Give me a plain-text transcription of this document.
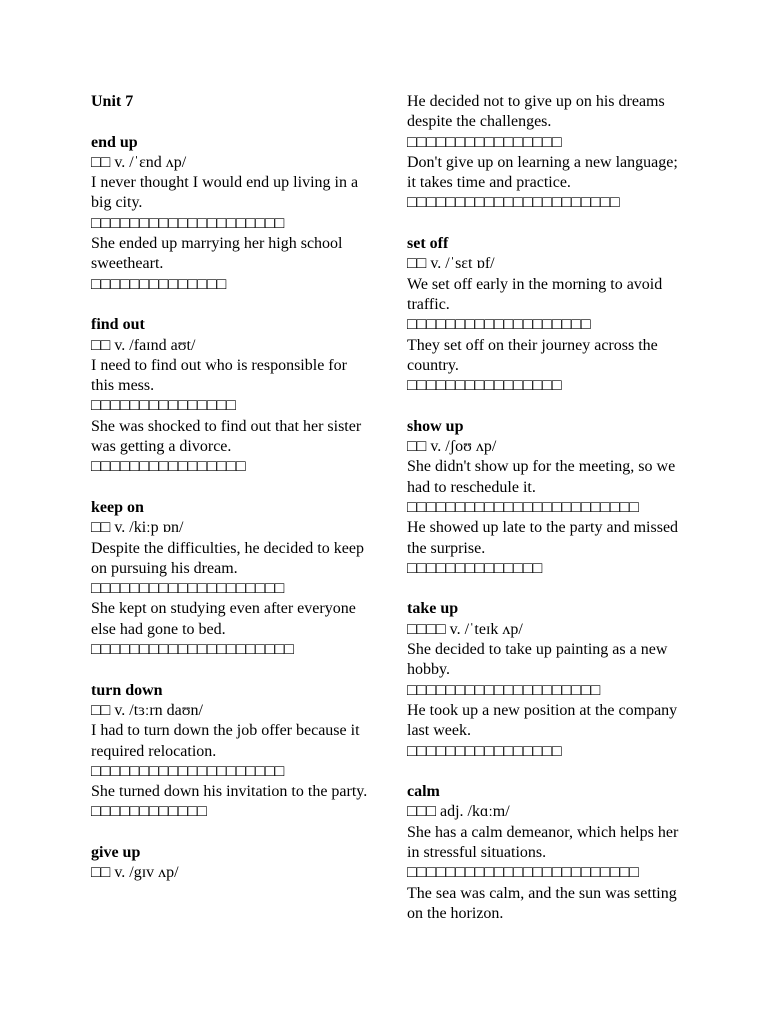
Unit 7
end up
□□ v. /ˈɛnd ʌp/
I never thought I would end up living in a big city.
□□□□□□□□□□□□□□□□□□□□
She ended up marrying her high school sweetheart.
□□□□□□□□□□□□□□
find out
□□ v. /faɪnd aʊt/
I need to find out who is responsible for this mess.
□□□□□□□□□□□□□□□
She was shocked to find out that her sister was getting a divorce.
□□□□□□□□□□□□□□□□
keep on
□□ v. /kiːp ɒn/
Despite the difficulties, he decided to keep on pursuing his dream.
□□□□□□□□□□□□□□□□□□□□
She kept on studying even after everyone else had gone to bed.
□□□□□□□□□□□□□□□□□□□□□
turn down
□□ v. /tɜːrn daʊn/
I had to turn down the job offer because it required relocation.
□□□□□□□□□□□□□□□□□□□□
She turned down his invitation to the party.
□□□□□□□□□□□□
give up
□□ v. /gɪv ʌp/
He decided not to give up on his dreams despite the challenges.
□□□□□□□□□□□□□□□□
Don't give up on learning a new language; it takes time and practice.
□□□□□□□□□□□□□□□□□□□□□□
set off
□□ v. /ˈsɛt ɒf/
We set off early in the morning to avoid traffic.
□□□□□□□□□□□□□□□□□□□
They set off on their journey across the country.
□□□□□□□□□□□□□□□□
show up
□□ v. /ʃoʊ ʌp/
She didn't show up for the meeting, so we had to reschedule it.
□□□□□□□□□□□□□□□□□□□□□□□□
He showed up late to the party and missed the surprise.
□□□□□□□□□□□□□□
take up
□□□□ v. /ˈteɪk ʌp/
She decided to take up painting as a new hobby.
□□□□□□□□□□□□□□□□□□□□
He took up a new position at the company last week.
□□□□□□□□□□□□□□□□
calm
□□□ adj. /kɑːm/
She has a calm demeanor, which helps her in stressful situations.
□□□□□□□□□□□□□□□□□□□□□□□□
The sea was calm, and the sun was setting on the horizon.
